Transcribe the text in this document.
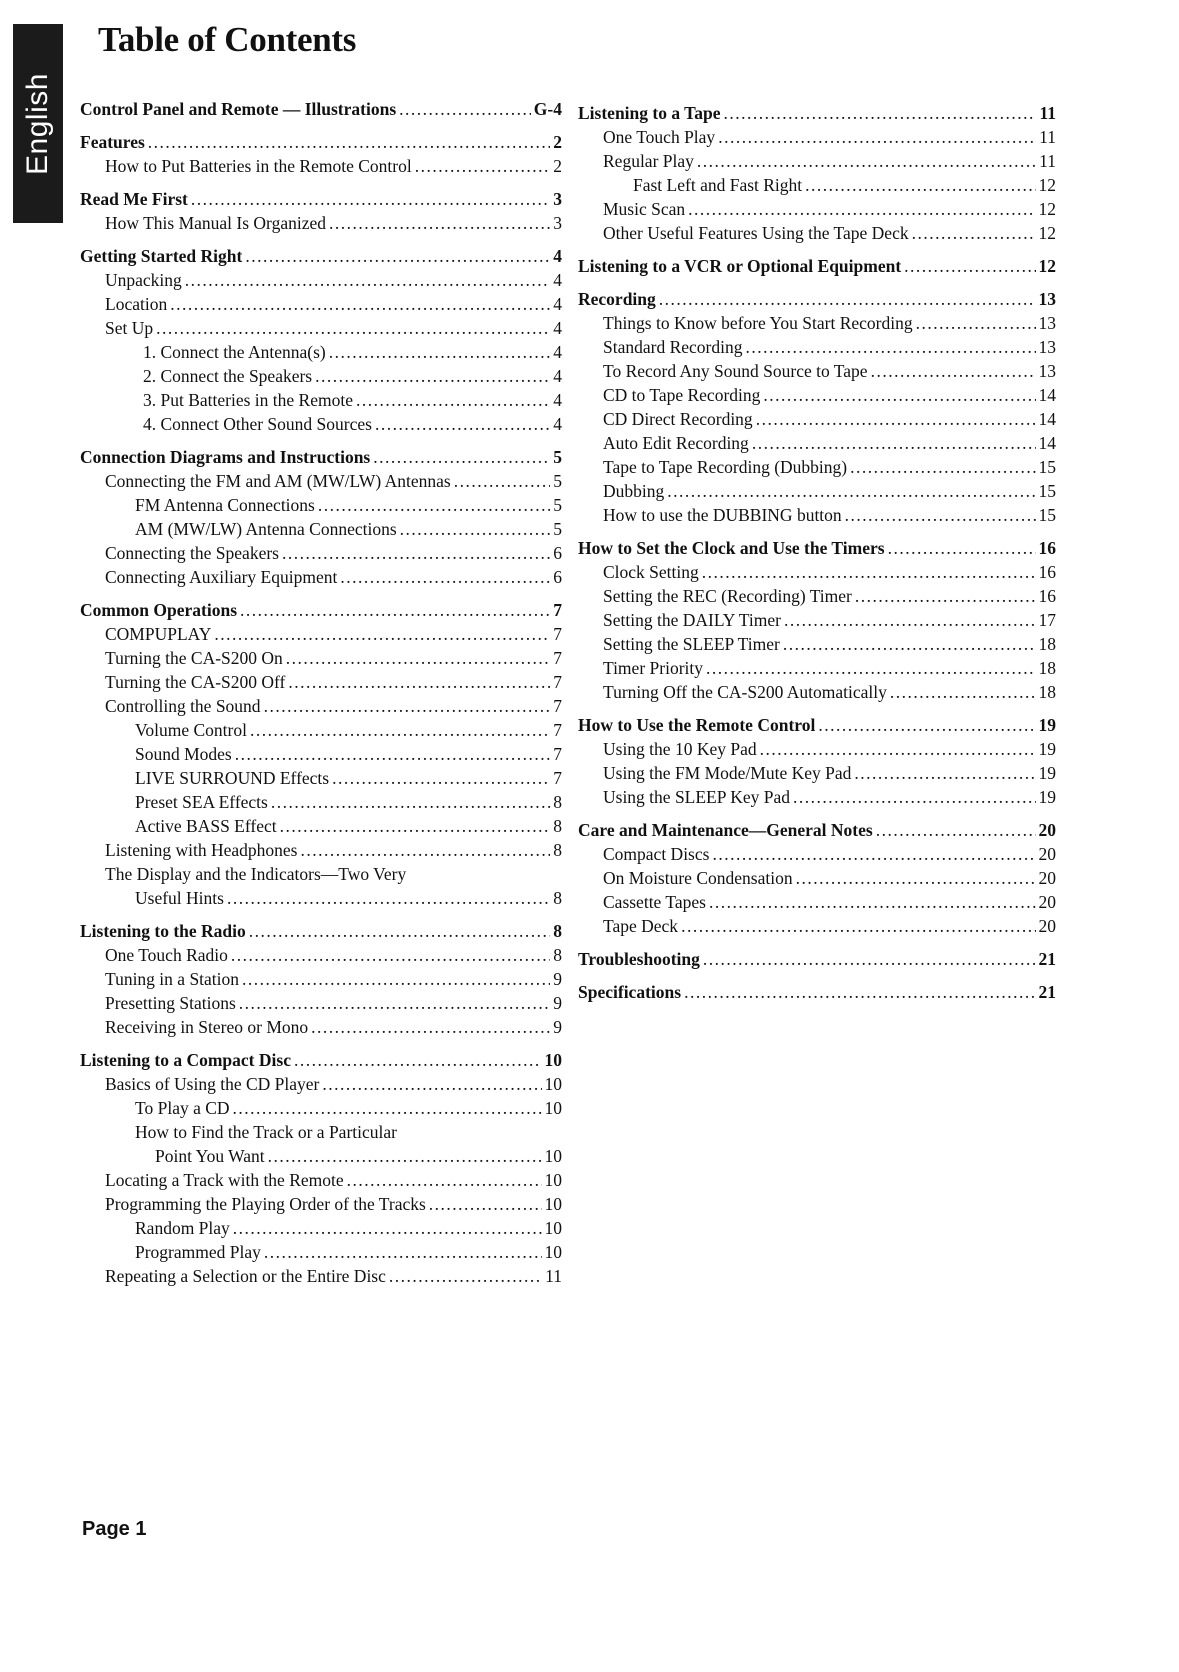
English
Table of Contents
Control Panel and Remote — Illustrations .....	G-4
Features .....	2
How to Put Batteries in the Remote Control .....	2
Read Me First .....	3
How This Manual Is Organized .....	3
Getting Started Right .....	4
Unpacking .....	4
Location .....	4
Set Up .....	4
1. Connect the Antenna(s) .....	4
2. Connect the Speakers .....	4
3. Put Batteries in the Remote .....	4
4. Connect Other Sound Sources .....	4
Connection Diagrams and Instructions .....	5
Connecting the FM and AM (MW/LW) Antennas .....	5
FM Antenna Connections .....	5
AM (MW/LW) Antenna Connections .....	5
Connecting the Speakers .....	6
Connecting Auxiliary Equipment .....	6
Common Operations .....	7
COMPUPLAY .....	7
Turning the CA-S200 On .....	7
Turning the CA-S200 Off .....	7
Controlling the Sound .....	7
Volume Control .....	7
Sound Modes .....	7
LIVE SURROUND Effects .....	7
Preset SEA Effects .....	8
Active BASS Effect .....	8
Listening with Headphones .....	8
The Display and the Indicators—Two Very
Useful Hints .....	8
Listening to the Radio .....	8
One Touch Radio .....	8
Tuning in a Station .....	9
Presetting Stations .....	9
Receiving in Stereo or Mono .....	9
Listening to a Compact Disc .....	10
Basics of Using the CD Player .....	10
To Play a CD .....	10
How to Find the Track or a Particular
Point You Want .....	10
Locating a Track with the Remote .....	10
Programming the Playing Order of the Tracks .....	10
Random Play .....	10
Programmed Play .....	10
Repeating a Selection or the Entire Disc .....	11
Listening to a Tape .....	11
One Touch Play .....	11
Regular Play .....	11
Fast Left and Fast Right .....	12
Music Scan .....	12
Other Useful Features Using the Tape Deck .....	12
Listening to a VCR or Optional Equipment .....	12
Recording .....	13
Things to Know before You Start Recording .....	13
Standard Recording .....	13
To Record Any Sound Source to Tape .....	13
CD to Tape Recording .....	14
CD Direct Recording .....	14
Auto Edit Recording .....	14
Tape to Tape Recording (Dubbing) .....	15
Dubbing .....	15
How to use the DUBBING button .....	15
How to Set the Clock and Use the Timers .....	16
Clock Setting .....	16
Setting the REC (Recording) Timer .....	16
Setting the DAILY Timer .....	17
Setting the SLEEP Timer .....	18
Timer Priority .....	18
Turning Off the CA-S200 Automatically .....	18
How to Use the Remote Control .....	19
Using the 10 Key Pad .....	19
Using the FM Mode/Mute Key Pad .....	19
Using the SLEEP Key Pad .....	19
Care and Maintenance—General Notes .....	20
Compact Discs .....	20
On Moisture Condensation .....	20
Cassette Tapes .....	20
Tape Deck .....	20
Troubleshooting .....	21
Specifications .....	21

Page 1
